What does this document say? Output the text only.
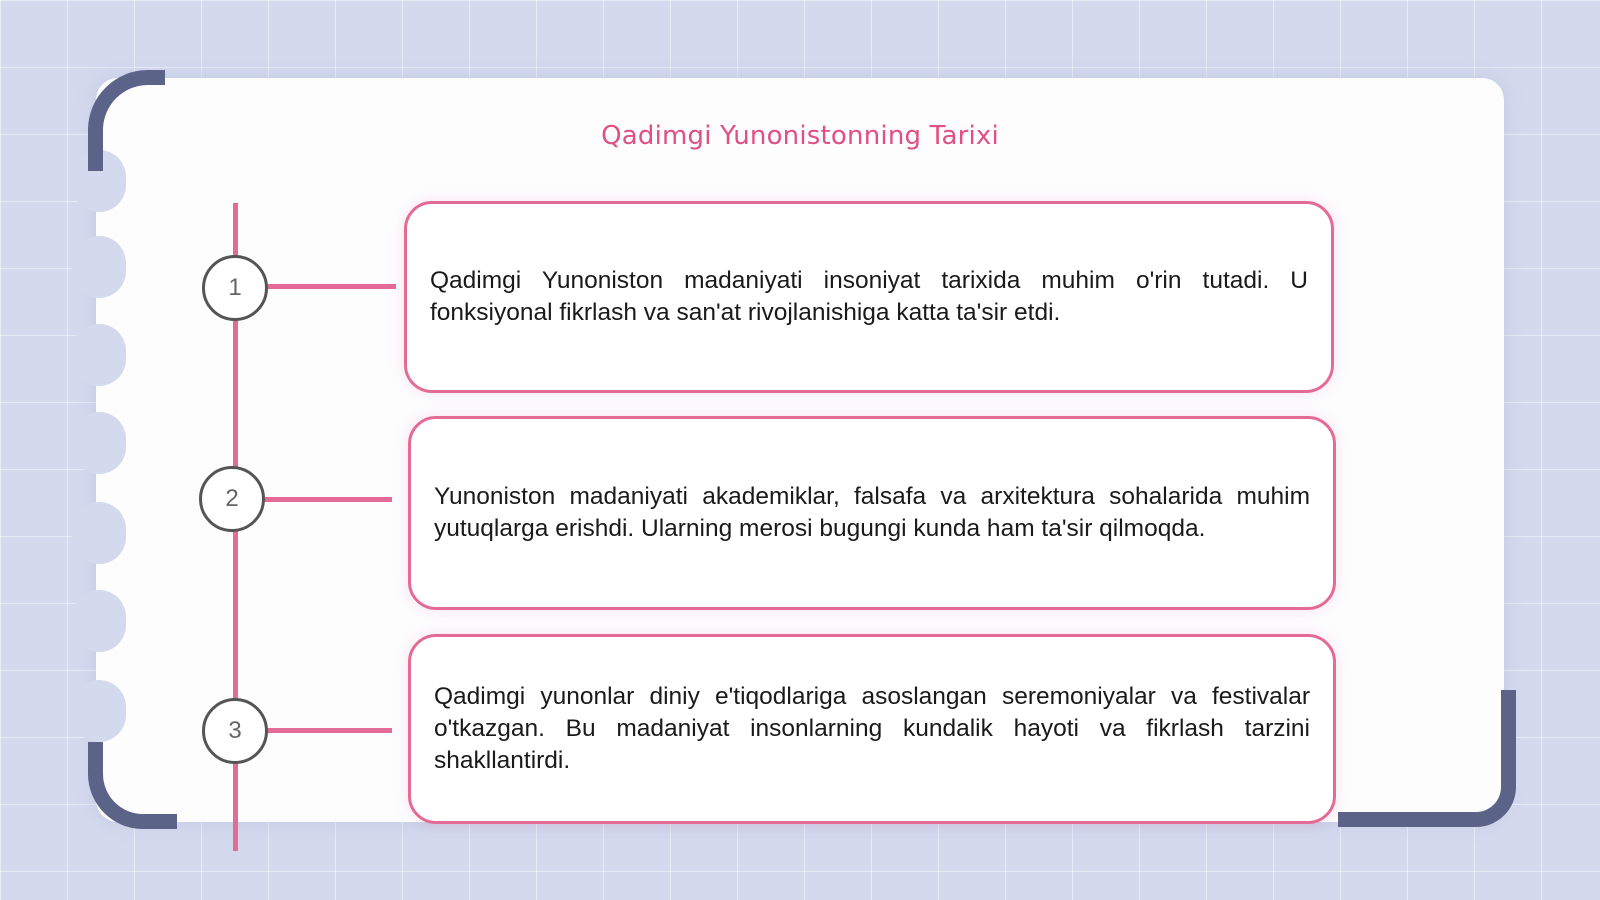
Qadimgi Yunonistonning Tarixi
1	Qadimgi Yunoniston madaniyati insoniyat tarixida muhim o'rin tutadi. U fonksiyonal fikrlash va san'at rivojlanishiga katta ta'sir etdi.
2	Yunoniston madaniyati akademiklar, falsafa va arxitektura sohalarida muhim yutuqlarga erishdi. Ularning merosi bugungi kunda ham ta'sir qilmoqda.
3
Qadimgi yunonlar diniy e'tiqodlariga asoslangan seremoniyalar va festivalar o'tkazgan. Bu madaniyat insonlarning kundalik hayoti va fikrlash tarzini shakllantirdi.
